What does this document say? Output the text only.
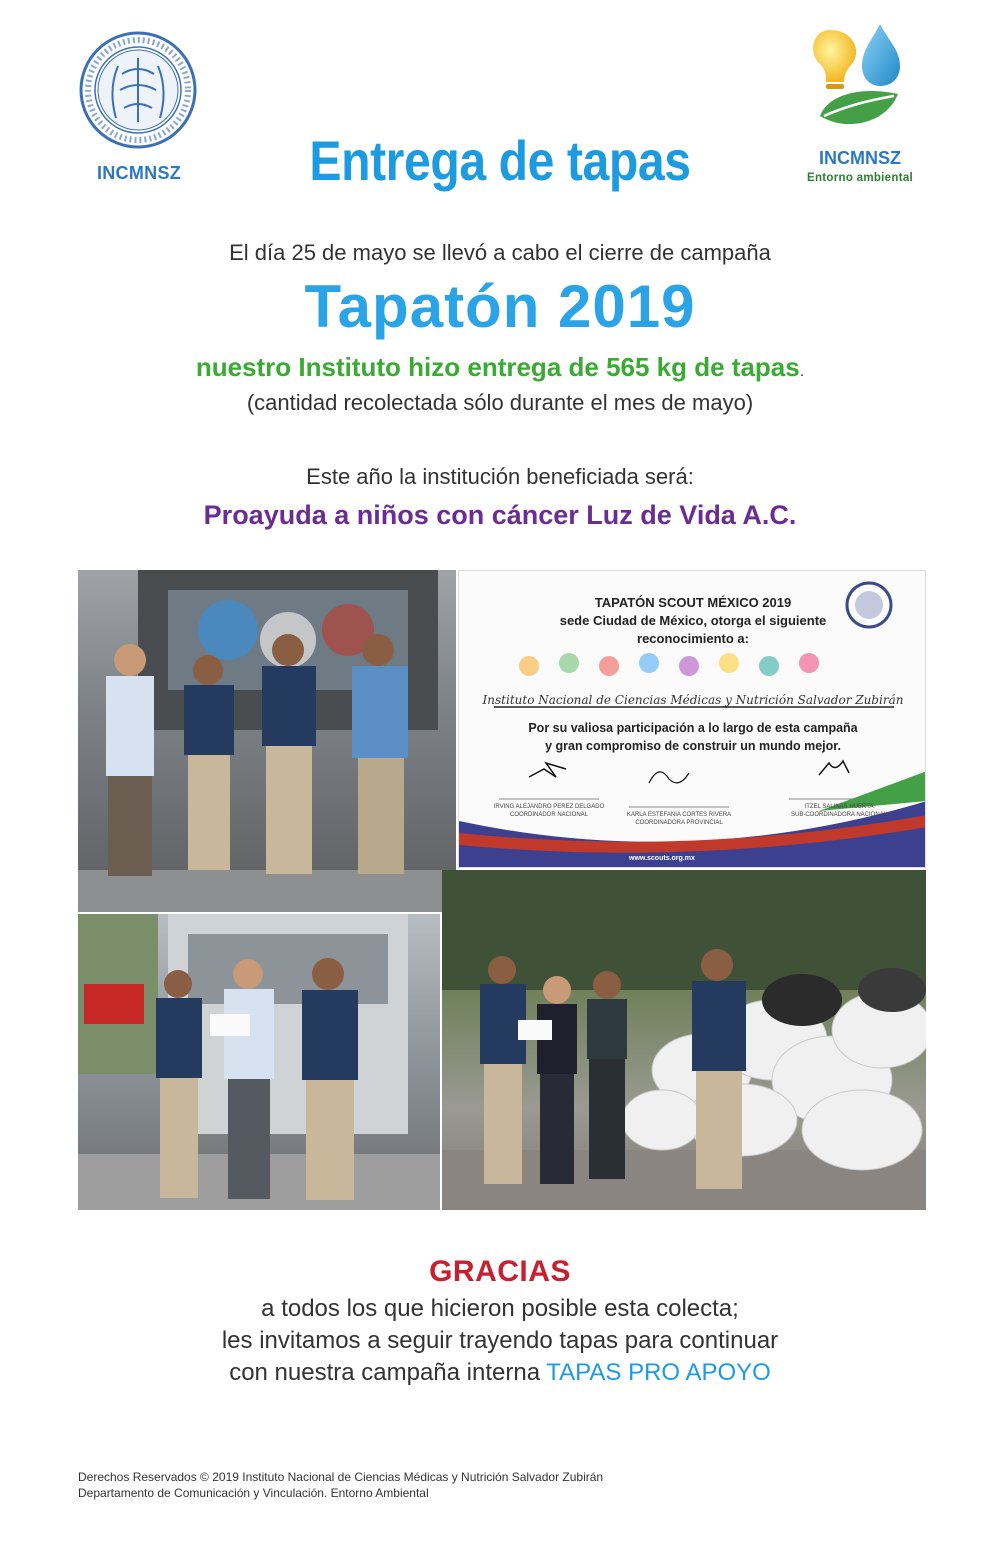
INCMNSZ
INCMNSZ
Entorno ambiental
Entrega de tapas
El día 25 de mayo se llevó a cabo el cierre de campaña
Tapatón 2019
nuestro Instituto hizo entrega de 565 kg de tapas.
(cantidad recolectada sólo durante el mes de mayo)
Este año la institución beneficiada será:
Proayuda a niños con cáncer Luz de Vida A.C.
TAPATÓN SCOUT MÉXICO 2019
sede Ciudad de México, otorga el siguiente
reconocimiento a:
Instituto Nacional de Ciencias Médicas y Nutrición Salvador Zubirán
Por su valiosa participación a lo largo de esta campaña
y gran compromiso de construir un mundo mejor.
IRVING ALEJANDRO PEREZ DELGADO
COORDINADOR NACIONAL	KARLA ESTEFANIA CORTES RIVERA
COORDINADORA PROVINCIAL
ITZEL SALINAS HUERTA
SUB-COORDINADORA NACIONAL
www.scouts.org.mx
GRACIAS
a todos los que hicieron posible esta colecta;
les invitamos a seguir trayendo tapas para continuar
con nuestra campaña interna TAPAS PRO APOYO
Derechos Reservados © 2019 Instituto Nacional de Ciencias Médicas y Nutrición Salvador Zubirán
Departamento de Comunicación y Vinculación. Entorno Ambiental
